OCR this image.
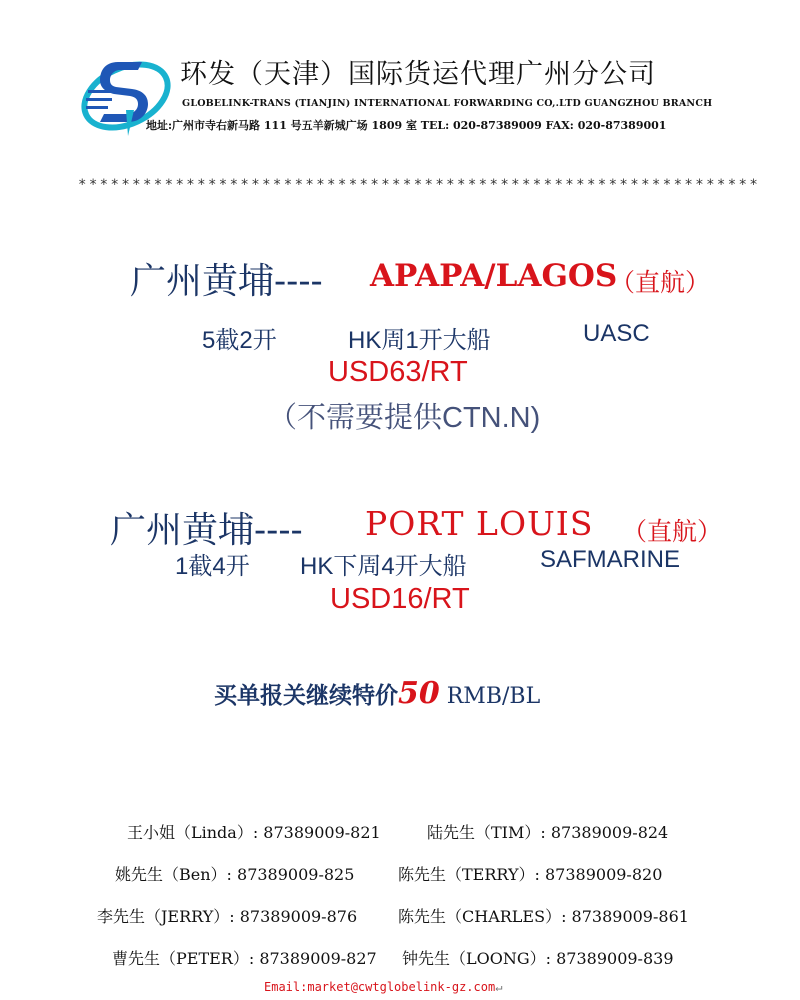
环发（天津）国际货运代理广州分公司
GLOBELINK-TRANS (TIANJIN) INTERNATIONAL FORWARDING CO,.LTD GUANGZHOU BRANCH
地址:广州市寺右新马路 111 号五羊新城广场 1809 室 TEL: 020-87389009 FAX: 020-87389001
***************************************************************
广州黄埔---- APAPA/LAGOS
（直航）
5截2开	HK周1开大船	UASC
USD63/RT
（不需要提供CTN.N)
广州黄埔---- PORT LOUIS （直航）
1截4开 HK下周4开大船	SAFMARINE
USD16/RT
买单报关继续特价50 RMB/BL
王小姐（Linda）: 87389009-821	陆先生（TIM）: 87389009-824
姚先生（Ben）: 87389009-825	陈先生（TERRY）: 87389009-820
李先生（JERRY）: 87389009-876	陈先生（CHARLES）: 87389009-861
曹先生（PETER）: 87389009-827 钟先生（LOONG）: 87389009-839
Email:market@cwtglobelink-gz.com↵
